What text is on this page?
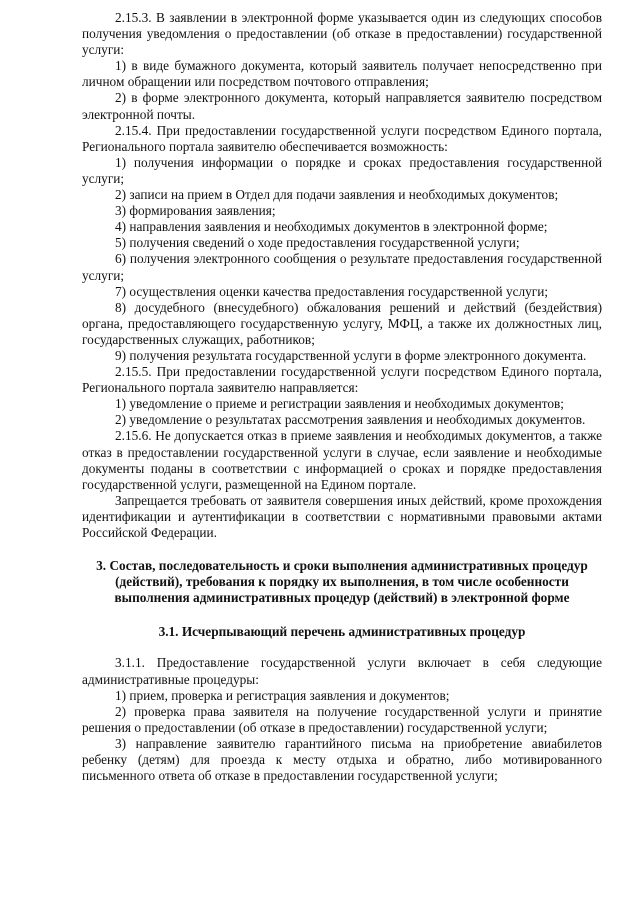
2.15.3. В заявлении в электронной форме указывается один из следующих способов получения уведомления о предоставлении (об отказе в предоставлении) государственной услуги:

1) в виде бумажного документа, который заявитель получает непосредственно при личном обращении или посредством почтового отправления;

2) в форме электронного документа, который направляется заявителю посредством электронной почты.

2.15.4. При предоставлении государственной услуги посредством Единого портала, Регионального портала заявителю обеспечивается возможность:

1) получения информации о порядке и сроках предоставления государственной услуги;

2) записи на прием в Отдел для подачи заявления и необходимых документов;

3) формирования заявления;

4) направления заявления и необходимых документов в электронной форме;

5) получения сведений о ходе предоставления государственной услуги;

6) получения электронного сообщения о результате предоставления государственной услуги;

7) осуществления оценки качества предоставления государственной услуги;

8) досудебного (внесудебного) обжалования решений и действий (бездействия) органа, предоставляющего государственную услугу, МФЦ, а также их должностных лиц, государственных служащих, работников;

9) получения результата государственной услуги в форме электронного документа.

2.15.5. При предоставлении государственной услуги посредством Единого портала, Регионального портала заявителю направляется:

1) уведомление о приеме и регистрации заявления и необходимых документов;

2) уведомление о результатах рассмотрения заявления и необходимых документов.

2.15.6. Не допускается отказ в приеме заявления и необходимых документов, а также отказ в предоставлении государственной услуги в случае, если заявление и необходимые документы поданы в соответствии с информацией о сроках и порядке предоставления государственной услуги, размещенной на Едином портале.

Запрещается требовать от заявителя совершения иных действий, кроме прохождения идентификации и аутентификации в соответствии с нормативными правовыми актами Российской Федерации.

3. Состав, последовательность и сроки выполнения административных процедур (действий), требования к порядку их выполнения, в том числе особенности выполнения административных процедур (действий) в электронной форме

3.1. Исчерпывающий перечень административных процедур

3.1.1. Предоставление государственной услуги включает в себя следующие административные процедуры:

1) прием, проверка и регистрация заявления и документов;

2) проверка права заявителя на получение государственной услуги и принятие решения о предоставлении (об отказе в предоставлении) государственной услуги;

3) направление заявителю гарантийного письма на приобретение авиабилетов ребенку (детям) для проезда к месту отдыха и обратно, либо мотивированного письменного ответа об отказе в предоставлении государственной услуги;
